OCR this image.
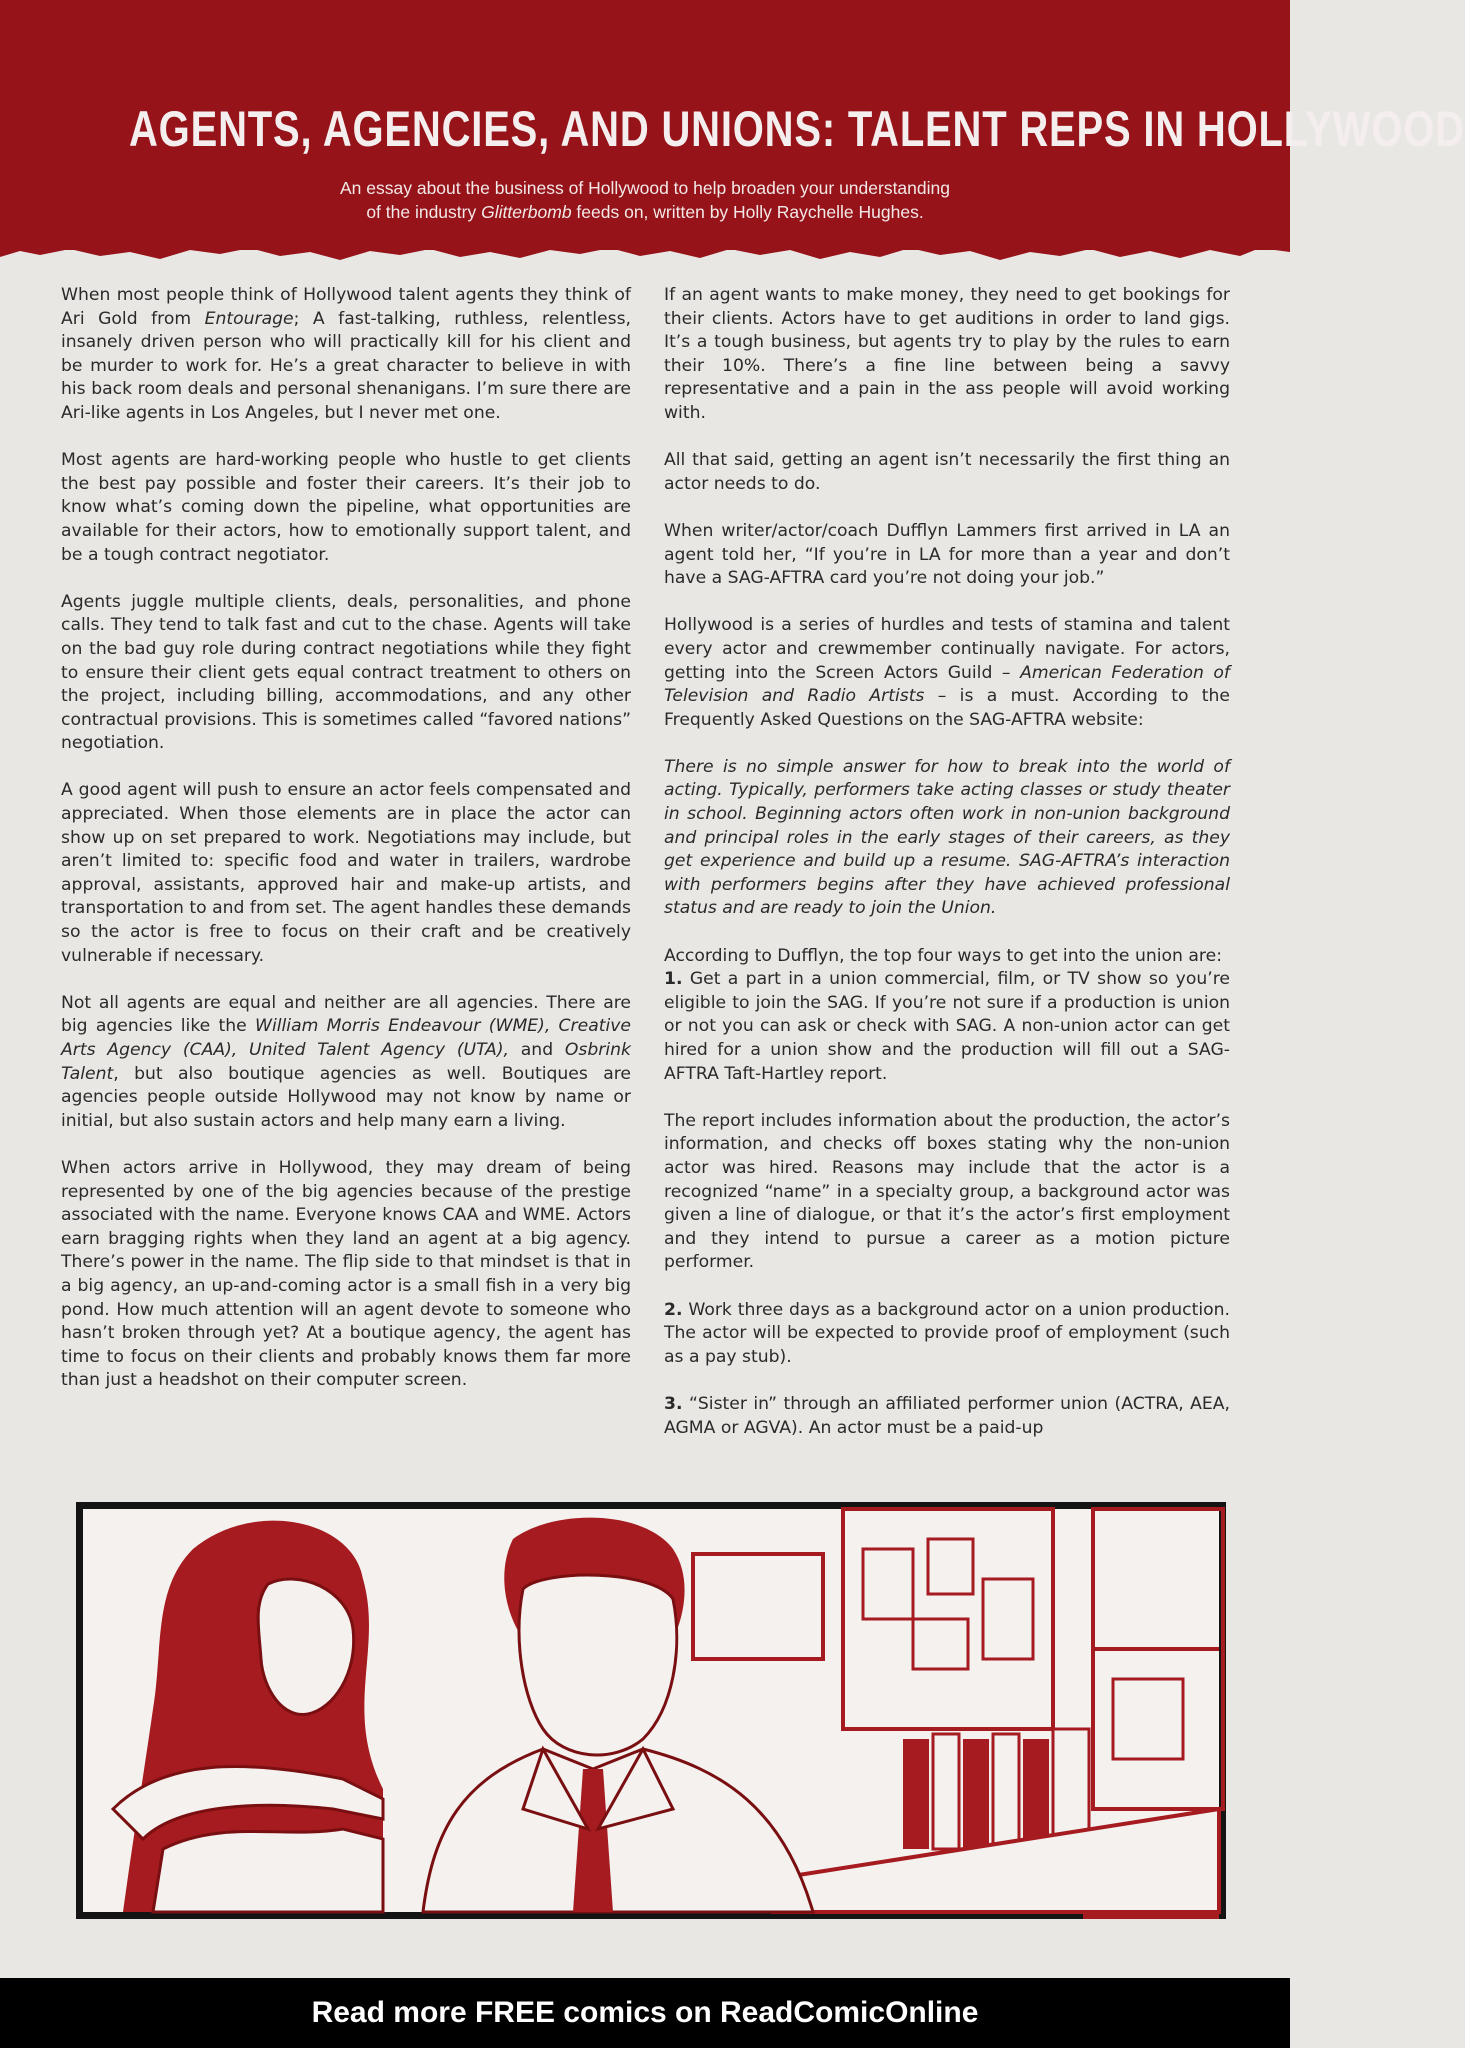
AGENTS, AGENCIES, AND UNIONS: TALENT REPS IN HOLLYWOOD

An essay about the business of Hollywood to help broaden your understanding
of the industry Glitterbomb feeds on, written by Holly Raychelle Hughes.

When most people think of Hollywood talent agents they think of Ari Gold from Entourage; A fast-talking, ruthless, relentless, insanely driven person who will practically kill for his client and be murder to work for. He’s a great character to believe in with his back room deals and personal shenanigans. I’m sure there are Ari-like agents in Los Angeles, but I never met one.

Most agents are hard-working people who hustle to get clients the best pay possible and foster their careers. It’s their job to know what’s coming down the pipeline, what opportunities are available for their actors, how to emotionally support talent, and be a tough contract negotiator.

Agents juggle multiple clients, deals, personalities, and phone calls. They tend to talk fast and cut to the chase. Agents will take on the bad guy role during contract negotiations while they fight to ensure their client gets equal contract treatment to others on the project, including billing, accommodations, and any other contractual provisions. This is sometimes called “favored nations” negotiation.

A good agent will push to ensure an actor feels compensated and appreciated. When those elements are in place the actor can show up on set prepared to work. Negotiations may include, but aren’t limited to: specific food and water in trailers, wardrobe approval, assistants, approved hair and make-up artists, and transportation to and from set. The agent handles these demands so the actor is free to focus on their craft and be creatively vulnerable if necessary.

Not all agents are equal and neither are all agencies. There are big agencies like the William Morris Endeavour (WME), Creative Arts Agency (CAA), United Talent Agency (UTA), and Osbrink Talent, but also boutique agencies as well. Boutiques are agencies people outside Hollywood may not know by name or initial, but also sustain actors and help many earn a living.

When actors arrive in Hollywood, they may dream of being represented by one of the big agencies because of the prestige associated with the name. Everyone knows CAA and WME. Actors earn bragging rights when they land an agent at a big agency. There’s power in the name. The flip side to that mindset is that in a big agency, an up-and-coming actor is a small fish in a very big pond. How much attention will an agent devote to someone who hasn’t broken through yet? At a boutique agency, the agent has time to focus on their clients and probably knows them far more than just a headshot on their computer screen.

If an agent wants to make money, they need to get bookings for their clients. Actors have to get auditions in order to land gigs. It’s a tough business, but agents try to play by the rules to earn their 10%. There’s a fine line between being a savvy representative and a pain in the ass people will avoid working with.

All that said, getting an agent isn’t necessarily the first thing an actor needs to do.

When writer/actor/coach Dufflyn Lammers first arrived in LA an agent told her, “If you’re in LA for more than a year and don’t have a SAG-AFTRA card you’re not doing your job.”

Hollywood is a series of hurdles and tests of stamina and talent every actor and crewmember continually navigate. For actors, getting into the Screen Actors Guild – American Federation of Television and Radio Artists – is a must. According to the Frequently Asked Questions on the SAG-AFTRA website:

There is no simple answer for how to break into the world of acting. Typically, performers take acting classes or study theater in school. Beginning actors often work in non-union background and principal roles in the early stages of their careers, as they get experience and build up a resume. SAG-AFTRA’s interaction with performers begins after they have achieved professional status and are ready to join the Union.

According to Dufflyn, the top four ways to get into the union are:

1. Get a part in a union commercial, film, or TV show so you’re eligible to join the SAG. If you’re not sure if a production is union or not you can ask or check with SAG. A non-union actor can get hired for a union show and the production will fill out a SAG-AFTRA Taft-Hartley report.

The report includes information about the production, the actor’s information, and checks off boxes stating why the non-union actor was hired. Reasons may include that the actor is a recognized “name” in a specialty group, a background actor was given a line of dialogue, or that it’s the actor’s first employment and they intend to pursue a career as a motion picture performer.

2. Work three days as a background actor on a union production. The actor will be expected to provide proof of employment (such as a pay stub).

3. “Sister in” through an affiliated performer union (ACTRA, AEA, AGMA or AGVA). An actor must be a paid-up

Read more FREE comics on ReadComicOnline
